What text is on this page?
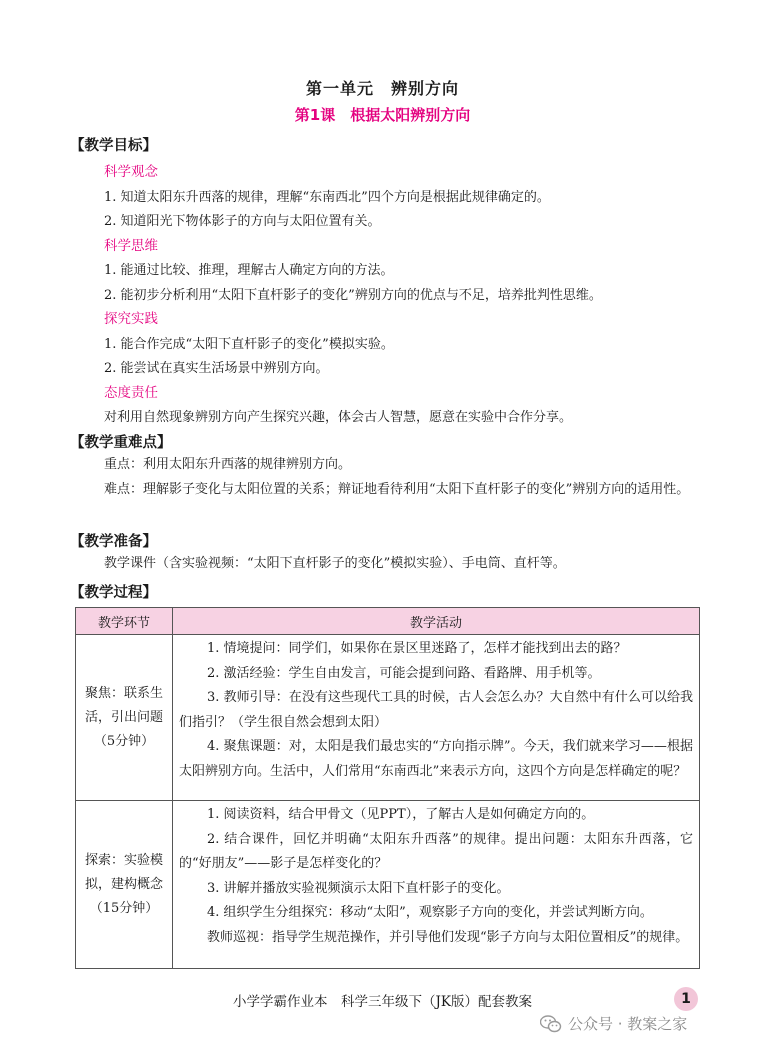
第一单元　辨别方向
第1课　根据太阳辨别方向
【教学目标】
科学观念
1. 知道太阳东升西落的规律，理解“东南西北”四个方向是根据此规律确定的。
2. 知道阳光下物体影子的方向与太阳位置有关。
科学思维
1. 能通过比较、推理，理解古人确定方向的方法。
2. 能初步分析利用“太阳下直杆影子的变化”辨别方向的优点与不足，培养批判性思维。
探究实践
1. 能合作完成“太阳下直杆影子的变化”模拟实验。
2. 能尝试在真实生活场景中辨别方向。
态度责任
对利用自然现象辨别方向产生探究兴趣，体会古人智慧，愿意在实验中合作分享。
【教学重难点】

重点：利用太阳东升西落的规律辨别方向。

难点：理解影子变化与太阳位置的关系；辩证地看待利用“太阳下直杆影子的变化”辨别方向的适用性。

【教学准备】

教学课件（含实验视频：“太阳下直杆影子的变化”模拟实验）、手电筒、直杆等。

【教学过程】
教学环节	教学活动
聚焦：联系生活，引出问题（5分钟）	1. 情境提问：同学们，如果你在景区里迷路了，怎样才能找到出去的路？

2. 激活经验：学生自由发言，可能会提到问路、看路牌、用手机等。

3. 教师引导：在没有这些现代工具的时候，古人会怎么办？大自然中有什么可以给我们指引？（学生很自然会想到太阳）

4. 聚焦课题：对，太阳是我们最忠实的“方向指示牌”。今天，我们就来学习——根据太阳辨别方向。生活中，人们常用“东南西北”来表示方向，这四个方向是怎样确定的呢？

探索：实验模拟，建构概念（15分钟）	1. 阅读资料，结合甲骨文（见PPT），了解古人是如何确定方向的。

2. 结合课件，回忆并明确“太阳东升西落”的规律。提出问题：太阳东升西落，它的“好朋友”——影子是怎样变化的？

3. 讲解并播放实验视频演示太阳下直杆影子的变化。

4. 组织学生分组探究：移动“太阳”，观察影子方向的变化，并尝试判断方向。

教师巡视：指导学生规范操作，并引导他们发现“影子方向与太阳位置相反”的规律。

小学学霸作业本　科学三年级下（JK版）配套教案	1
公众号 · 教案之家
